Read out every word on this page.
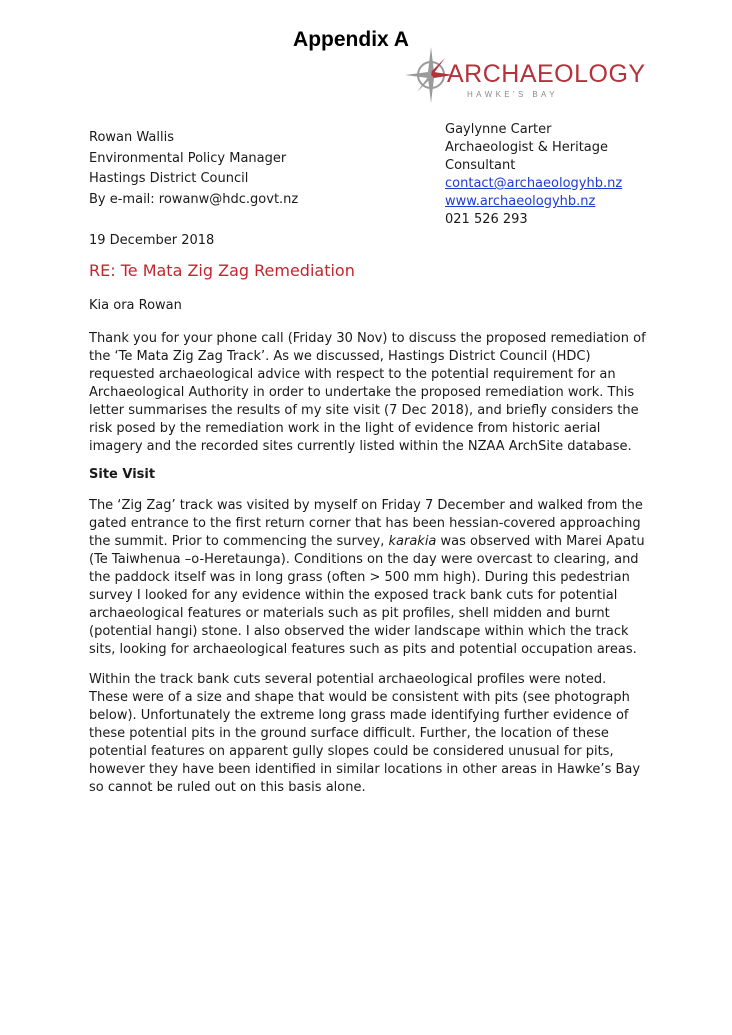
Appendix A
ARCHAEOLOGY
HAWKE'S BAY
Rowan Wallis
Environmental Policy Manager
Hastings District Council
By e-mail: rowanw@hdc.govt.nz
Gaylynne Carter
Archaeologist & Heritage
Consultant
contact@archaeologyhb.nz
www.archaeologyhb.nz
021 526 293
19 December 2018
RE: Te Mata Zig Zag Remediation
Kia ora Rowan

Thank you for your phone call (Friday 30 Nov) to discuss the proposed remediation of the ‘Te Mata Zig Zag Track’. As we discussed, Hastings District Council (HDC) requested archaeological advice with respect to the potential requirement for an Archaeological Authority in order to undertake the proposed remediation work. This letter summarises the results of my site visit (7 Dec 2018), and briefly considers the risk posed by the remediation work in the light of evidence from historic aerial imagery and the recorded sites currently listed within the NZAA ArchSite database.

Site Visit

The ‘Zig Zag’ track was visited by myself on Friday 7 December and walked from the gated entrance to the first return corner that has been hessian-covered approaching the summit. Prior to commencing the survey, karakia was observed with Marei Apatu (Te Taiwhenua –o-Heretaunga). Conditions on the day were overcast to clearing, and the paddock itself was in long grass (often > 500 mm high). During this pedestrian survey I looked for any evidence within the exposed track bank cuts for potential archaeological features or materials such as pit profiles, shell midden and burnt (potential hangi) stone. I also observed the wider landscape within which the track sits, looking for archaeological features such as pits and potential occupation areas.

Within the track bank cuts several potential archaeological profiles were noted. These were of a size and shape that would be consistent with pits (see photograph below). Unfortunately the extreme long grass made identifying further evidence of these potential pits in the ground surface difficult. Further, the location of these potential features on apparent gully slopes could be considered unusual for pits, however they have been identified in similar locations in other areas in Hawke’s Bay so cannot be ruled out on this basis alone.
